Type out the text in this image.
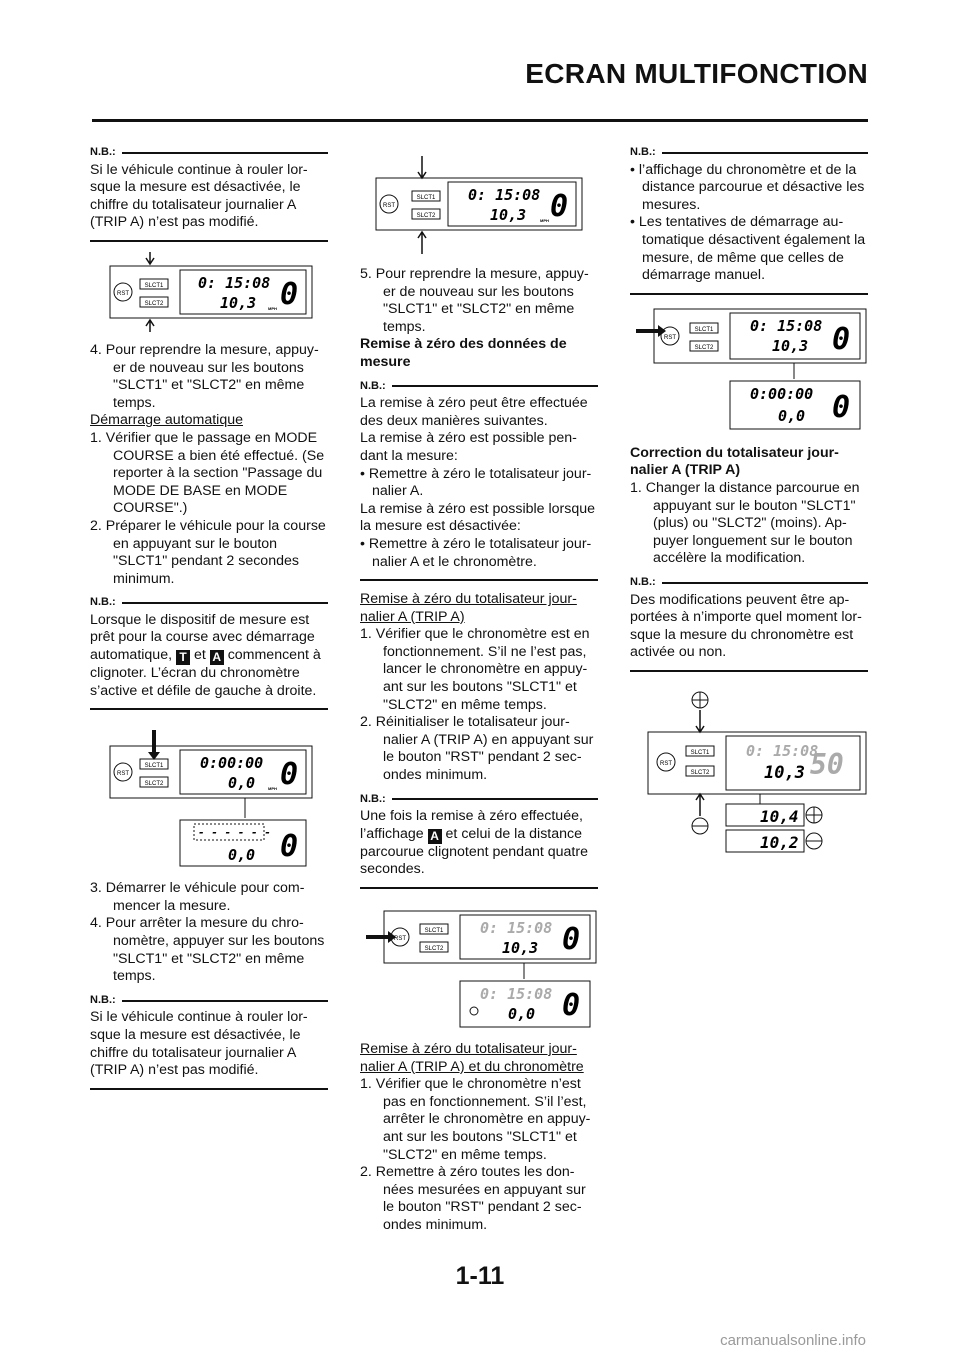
ECRAN MULTIFONCTION
N.B.:

Si le véhicule continue à rouler lor-sque la mesure est désactivée, le chiffre du totalisateur journalier A (TRIP A) n’est pas modifié.

RST
SLCT1
SLCT2
0: 15:08
10,3 0
MPH

4. Pour reprendre la mesure, appuy-er de nouveau sur les boutons "SLCT1" et "SLCT2" en même temps.

Démarrage automatique

1. Vérifier que le passage en MODE COURSE a bien été effectué. (Se reporter à la section "Passage du MODE DE BASE en MODE COURSE".)

2. Préparer le véhicule pour la course en appuyant sur le bouton "SLCT1" pendant 2 secondes minimum.

N.B.:

Lorsque le dispositif de mesure est prêt pour la course avec démarrage automatique, T et A commencent à clignoter. L’écran du chronomètre s’active et défile de gauche à droite.

RST
SLCT1
SLCT2
0:00:00
0,0 0
MPH
- - - - - -
0,0 0

3. Démarrer le véhicule pour com-mencer la mesure.

4. Pour arrêter la mesure du chro-nomètre, appuyer sur les boutons "SLCT1" et "SLCT2" en même temps.

N.B.:

Si le véhicule continue à rouler lor-sque la mesure est désactivée, le chiffre du totalisateur journalier A (TRIP A) n’est pas modifié.

RST
SLCT1
SLCT2
0: 15:08
10,3 0
MPH

5. Pour reprendre la mesure, appuy-er de nouveau sur les boutons "SLCT1" et "SLCT2" en même temps.

Remise à zéro des données de mesure

N.B.:

La remise à zéro peut être effectuée des deux manières suivantes.

La remise à zéro est possible pen-dant la mesure:

• Remettre à zéro le totalisateur jour-nalier A.

La remise à zéro est possible lorsque la mesure est désactivée:

• Remettre à zéro le totalisateur jour-nalier A et le chronomètre.

Remise à zéro du totalisateur jour-nalier A (TRIP A)

1. Vérifier que le chronomètre est en fonctionnement. S’il ne l’est pas, lancer le chronomètre en appuy-ant sur les boutons "SLCT1" et "SLCT2" en même temps.

2. Réinitialiser le totalisateur jour-nalier A (TRIP A) en appuyant sur le bouton "RST" pendant 2 sec-ondes minimum.

N.B.:

Une fois la remise à zéro effectuée, l’affichage A et celui de la distance parcourue clignotent pendant quatre secondes.

RST
SLCT1
SLCT2
0: 15:08
10,3 0
0: 15:08
0,0 0

Remise à zéro du totalisateur jour-nalier A (TRIP A) et du chronomètre

1. Vérifier que le chronomètre n’est pas en fonctionnement. S’il l’est, arrêter le chronomètre en appuy-ant sur les boutons "SLCT1" et "SLCT2" en même temps.

2. Remettre à zéro toutes les don-nées mesurées en appuyant sur le bouton "RST" pendant 2 sec-ondes minimum.

N.B.:

• l’affichage du chronomètre et de la distance parcourue et désactive les mesures.

• Les tentatives de démarrage au-tomatique désactivent également la mesure, de même que celles de démarrage manuel.

RST
SLCT1
SLCT2
0: 15:08
10,3 0
0:00:00
0,0 0

Correction du totalisateur jour-nalier A (TRIP A)

1. Changer la distance parcourue en appuyant sur le bouton "SLCT1" (plus) ou "SLCT2" (moins). Ap-puyer longuement sur le bouton accélère la modification.

N.B.:

Des modifications peuvent être ap-portées à n’importe quel moment lor-sque la mesure du chronomètre est activée ou non.

RST
SLCT1
SLCT2
0: 15:08
10,3 50
10,4
10,2
1-11
carmanualsonline.info
